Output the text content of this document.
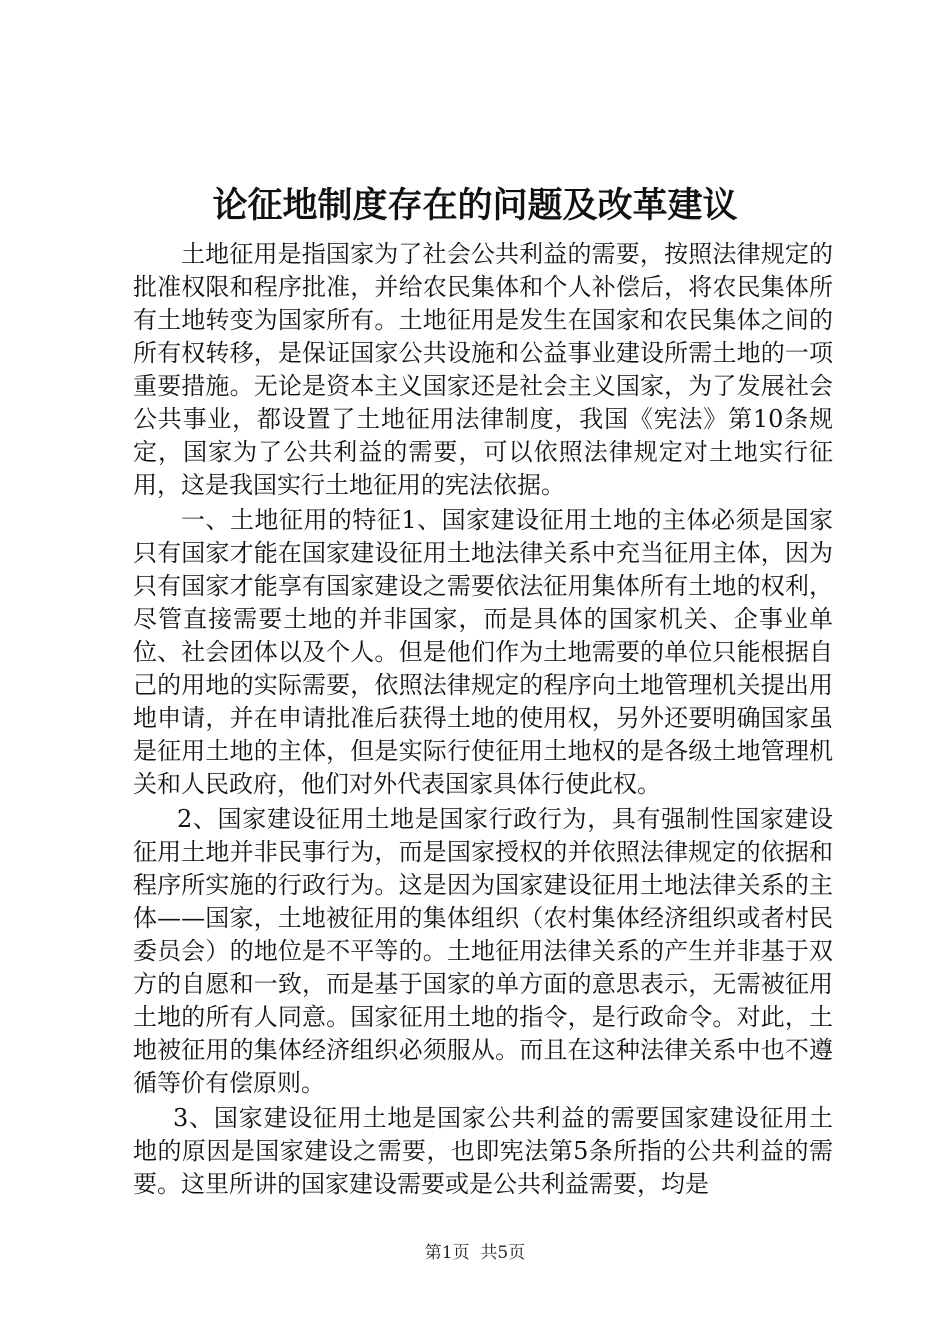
论征地制度存在的问题及改革建议

土地征用是指国家为了社会公共利益的需要，按照法律规定的批准权限和程序批准，并给农民集体和个人补偿后，将农民集体所有土地转变为国家所有。土地征用是发生在国家和农民集体之间的所有权转移，是保证国家公共设施和公益事业建设所需土地的一项重要措施。无论是资本主义国家还是社会主义国家，为了发展社会公共事业，都设置了土地征用法律制度，我国《宪法》第10条规定，国家为了公共利益的需要，可以依照法律规定对土地实行征用，这是我国实行土地征用的宪法依据。

一、土地征用的特征1、国家建设征用土地的主体必须是国家只有国家才能在国家建设征用土地法律关系中充当征用主体，因为只有国家才能享有国家建设之需要依法征用集体所有土地的权利，尽管直接需要土地的并非国家，而是具体的国家机关、企事业单位、社会团体以及个人。但是他们作为土地需要的单位只能根据自己的用地的实际需要，依照法律规定的程序向土地管理机关提出用地申请，并在申请批准后获得土地的使用权，另外还要明确国家虽是征用土地的主体，但是实际行使征用土地权的是各级土地管理机关和人民政府，他们对外代表国家具体行使此权。

2、国家建设征用土地是国家行政行为，具有强制性国家建设征用土地并非民事行为，而是国家授权的并依照法律规定的依据和程序所实施的行政行为。这是因为国家建设征用土地法律关系的主体——国家，土地被征用的集体组织（农村集体经济组织或者村民委员会）的地位是不平等的。土地征用法律关系的产生并非基于双方的自愿和一致，而是基于国家的单方面的意思表示，无需被征用土地的所有人同意。国家征用土地的指令，是行政命令。对此，土地被征用的集体经济组织必须服从。而且在这种法律关系中也不遵循等价有偿原则。

3、国家建设征用土地是国家公共利益的需要国家建设征用土地的原因是国家建设之需要，也即宪法第5条所指的公共利益的需要。这里所讲的国家建设需要或是公共利益需要，均是

第1页 共5页
